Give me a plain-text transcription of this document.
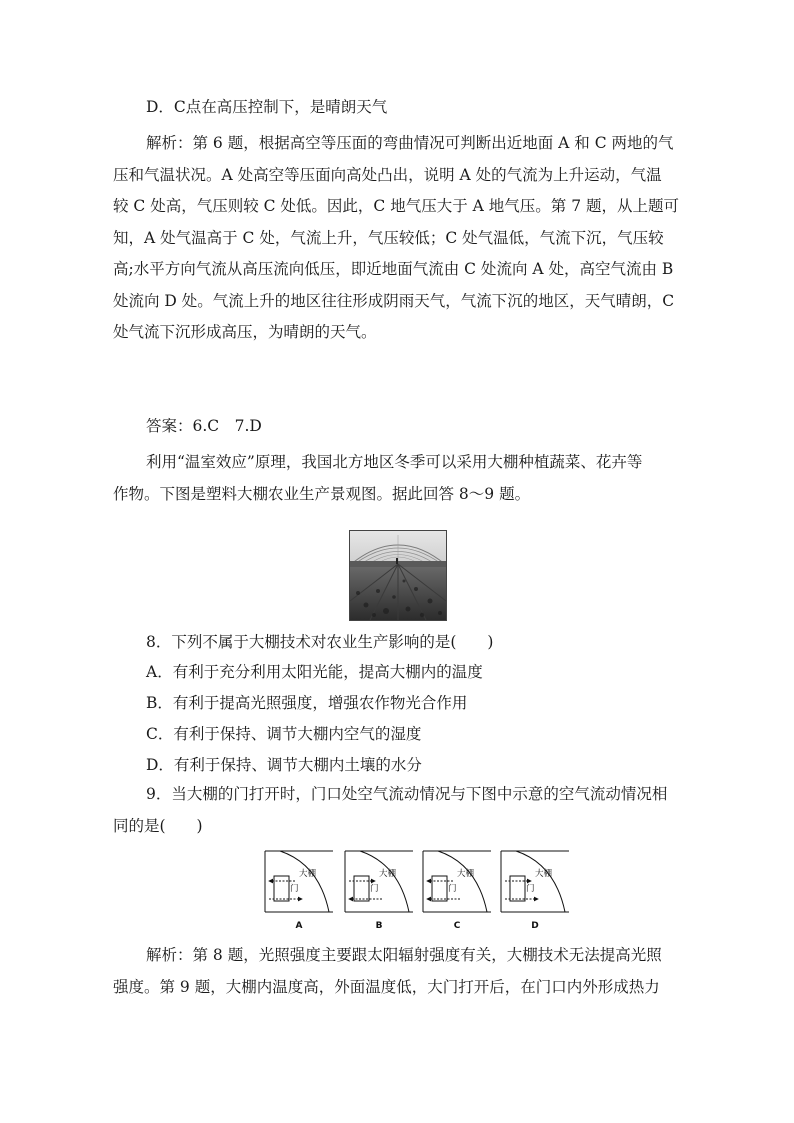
D．C点在高压控制下，是晴朗天气
解析：第 6 题，根据高空等压面的弯曲情况可判断出近地面 A 和 C 两地的气
压和气温状况。A 处高空等压面向高处凸出，说明 A 处的气流为上升运动，气温
较 C 处高，气压则较 C 处低。因此，C 地气压大于 A 地气压。第 7 题，从上题可
知，A 处气温高于 C 处，气流上升，气压较低；C 处气温低，气流下沉，气压较
高;水平方向气流从高压流向低压，即近地面气流由 C 处流向 A 处，高空气流由 B
处流向 D 处。气流上升的地区往往形成阴雨天气，气流下沉的地区，天气晴朗，C
处气流下沉形成高压，为晴朗的天气。
答案：6.C　7.D
利用“温室效应”原理，我国北方地区冬季可以采用大棚种植蔬菜、花卉等
作物。下图是塑料大棚农业生产景观图。据此回答 8～9 题。
8．下列不属于大棚技术对农业生产影响的是(　　)
A．有利于充分利用太阳光能，提高大棚内的温度
B．有利于提高光照强度，增强农作物光合作用
C．有利于保持、调节大棚内空气的湿度
D．有利于保持、调节大棚内土壤的水分
9．当大棚的门打开时，门口处空气流动情况与下图中示意的空气流动情况相
同的是(　　)
大棚
门
A
大棚
门
B
大棚
门
C
大棚
门
D
解析：第 8 题，光照强度主要跟太阳辐射强度有关，大棚技术无法提高光照
强度。第 9 题，大棚内温度高，外面温度低，大门打开后，在门口内外形成热力
